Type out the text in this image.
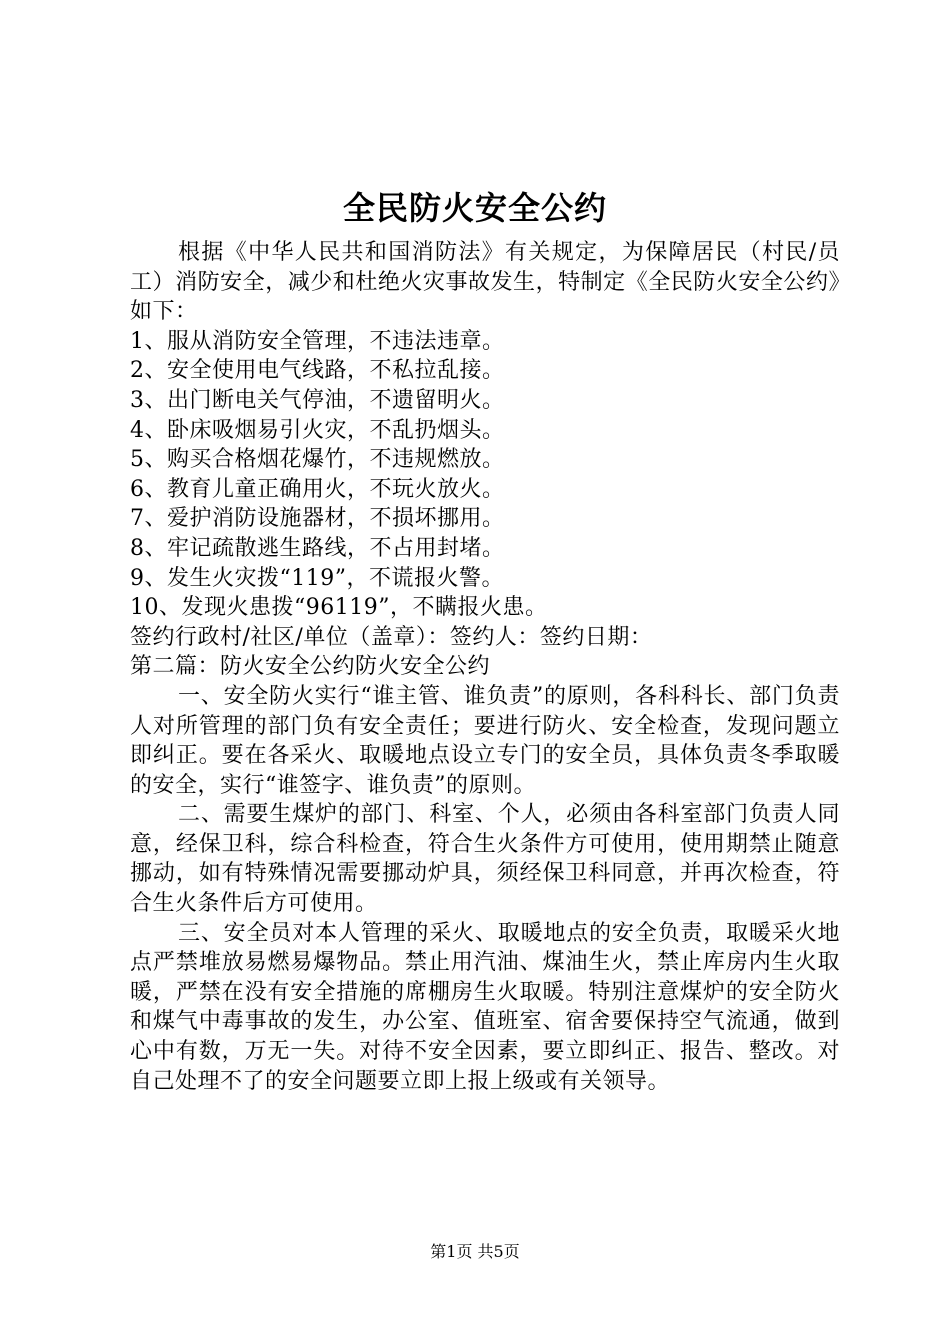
全民防火安全公约

根据《中华人民共和国消防法》有关规定，为保障居民（村民/员工）消防安全，减少和杜绝火灾事故发生，特制定《全民防火安全公约》如下：

1、服从消防安全管理，不违法违章。

2、安全使用电气线路，不私拉乱接。

3、出门断电关气停油，不遗留明火。

4、卧床吸烟易引火灾，不乱扔烟头。

5、购买合格烟花爆竹，不违规燃放。

6、教育儿童正确用火，不玩火放火。

7、爱护消防设施器材，不损坏挪用。

8、牢记疏散逃生路线，不占用封堵。

9、发生火灾拨“119”，不谎报火警。

10、发现火患拨“96119”，不瞒报火患。

签约行政村/社区/单位（盖章）：签约人：签约日期：

第二篇：防火安全公约防火安全公约

一、安全防火实行“谁主管、谁负责”的原则，各科科长、部门负责人对所管理的部门负有安全责任；要进行防火、安全检查，发现问题立即纠正。要在各采火、取暖地点设立专门的安全员，具体负责冬季取暖的安全，实行“谁签字、谁负责”的原则。

二、需要生煤炉的部门、科室、个人，必须由各科室部门负责人同意，经保卫科，综合科检查，符合生火条件方可使用，使用期禁止随意挪动，如有特殊情况需要挪动炉具，须经保卫科同意，并再次检查，符合生火条件后方可使用。

三、安全员对本人管理的采火、取暖地点的安全负责，取暖采火地点严禁堆放易燃易爆物品。禁止用汽油、煤油生火，禁止库房内生火取暖，严禁在没有安全措施的席棚房生火取暖。特别注意煤炉的安全防火和煤气中毒事故的发生，办公室、值班室、宿舍要保持空气流通，做到心中有数，万无一失。对待不安全因素，要立即纠正、报告、整改。对自己处理不了的安全问题要立即上报上级或有关领导。

第1页 共5页
